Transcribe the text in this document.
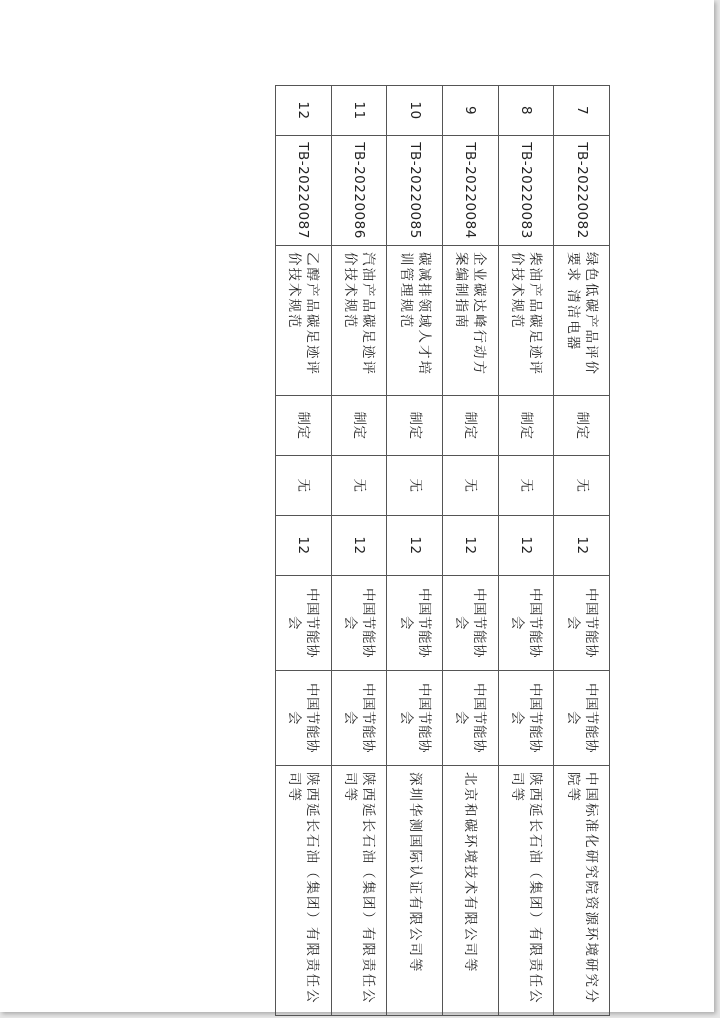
7	TB-20220082	绿色低碳产品评价要求 清洁电器	制定	无	12	中国节能协会	中国节能协会	中国标准化研究院资源环境研究分院等
8	TB-20220083	柴油产品碳足迹评价技术规范	制定	无	12	中国节能协会	中国节能协会	陕西延长石油（集团）有限责任公司等
9	TB-20220084	企业碳达峰行动方案编制指南	制定	无	12	中国节能协会	中国节能协会	北京和碳环境技术有限公司等
10	TB-20220085	碳减排领域人才培训管理规范	制定	无	12	中国节能协会	中国节能协会	深圳华测国际认证有限公司等
11	TB-20220086	汽油产品碳足迹评价技术规范	制定	无	12	中国节能协会	中国节能协会	陕西延长石油（集团）有限责任公司等
12	TB-20220087	乙醇产品碳足迹评价技术规范	制定	无	12	中国节能协会	中国节能协会	陕西延长石油（集团）有限责任公司等
